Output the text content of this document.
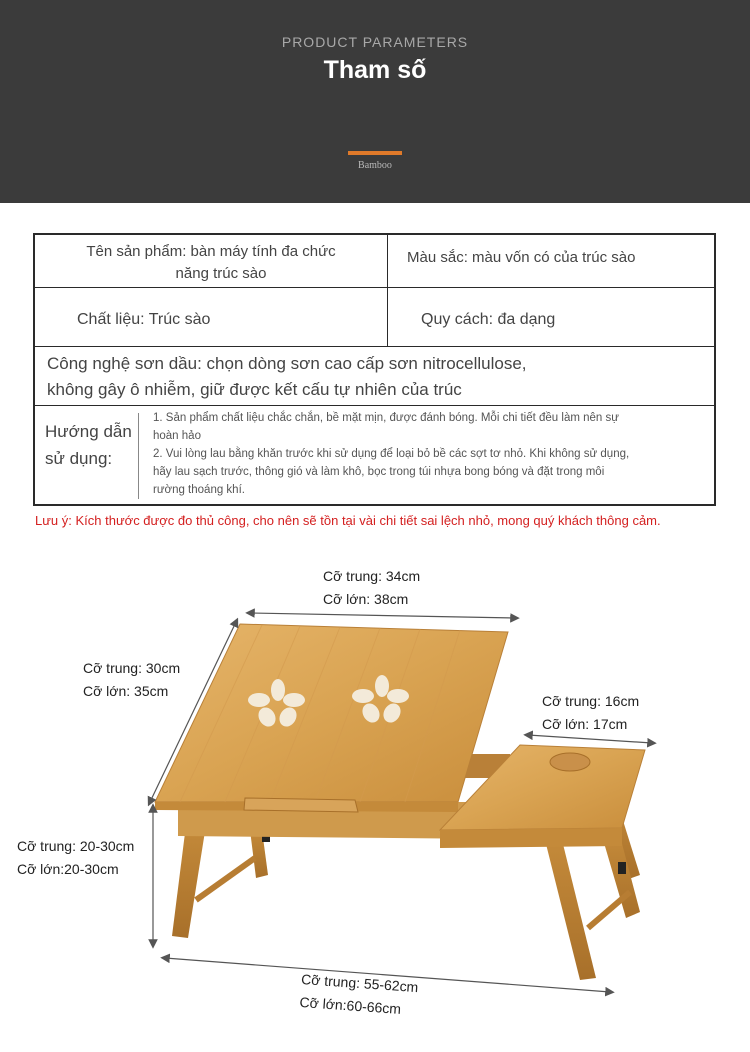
PRODUCT PARAMETERS
Tham số
Bamboo
Tên sản phẩm: bàn máy tính đa chức
năng trúc sào
Màu sắc: màu vốn có của trúc sào
Chất liệu: Trúc sào	Quy cách: đa dạng
Công nghệ sơn dầu: chọn dòng sơn cao cấp sơn nitrocellulose,
không gây ô nhiễm, giữ được kết cấu tự nhiên của trúc
Hướng dẫn
sử dụng:
1. Sản phẩm chất liệu chắc chắn, bề mặt mịn, được đánh bóng. Mỗi chi tiết đều làm nên sự
hoàn hảo
2. Vui lòng lau bằng khăn trước khi sử dụng để loại bỏ bề các sợt tơ nhỏ. Khi không sử dụng,
hãy lau sạch trước, thông gió và làm khô, bọc trong túi nhựa bong bóng và đặt trong môi
rường thoáng khí.
Lưu ý: Kích thước được đo thủ công, cho nên sẽ tồn tại vài chi tiết sai lệch nhỏ, mong quý khách thông cảm.
Cỡ trung: 34cm
Cỡ lớn: 38cm
Cỡ trung: 30cm
Cỡ lớn: 35cm
Cỡ trung: 16cm
Cỡ lớn: 17cm
Cỡ trung: 20-30cm
Cỡ lớn:20-30cm
Cỡ trung: 55-62cm
Cỡ lớn:60-66cm
